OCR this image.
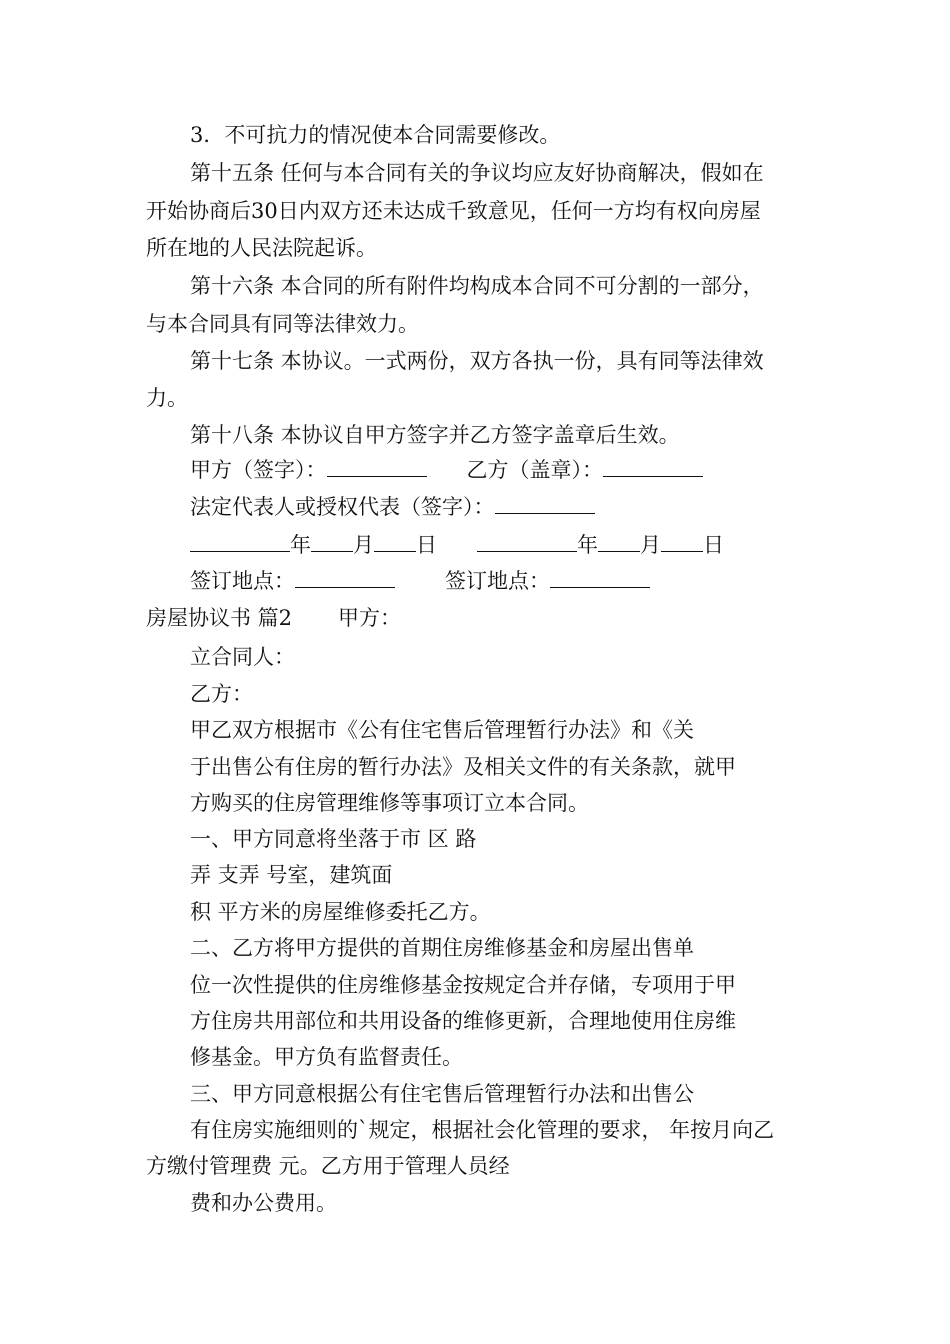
3．不可抗力的情况使本合同需要修改。

第十五条 任何与本合同有关的争议均应友好协商解决，假如在

开始协商后30日内双方还未达成千致意见，任何一方均有权向房屋

所在地的人民法院起诉。

第十六条 本合同的所有附件均构成本合同不可分割的一部分，

与本合同具有同等法律效力。

第十七条 本协议。一式两份，双方各执一份，具有同等法律效

力。

第十八条 本协议自甲方签字并乙方签字盖章后生效。

甲方（签字）：	乙方（盖章）：
法定代表人或授权代表（签字）：
年 月 日	年 月 日
签订地点：	签订地点：
房屋协议书 篇2 甲方：

立合同人：

乙方：

甲乙双方根据市《公有住宅售后管理暂行办法》和《关

于出售公有住房的暂行办法》及相关文件的有关条款，就甲

方购买的住房管理维修等事项订立本合同。

一、甲方同意将坐落于市 区 路

弄 支弄 号室，建筑面

积 平方米的房屋维修委托乙方。

二、乙方将甲方提供的首期住房维修基金和房屋出售单

位一次性提供的住房维修基金按规定合并存储，专项用于甲

方住房共用部位和共用设备的维修更新，合理地使用住房维

修基金。甲方负有监督责任。

三、甲方同意根据公有住宅售后管理暂行办法和出售公

有住房实施细则的`规定，根据社会化管理的要求， 年按月向乙

方缴付管理费 元。乙方用于管理人员经

费和办公费用。
